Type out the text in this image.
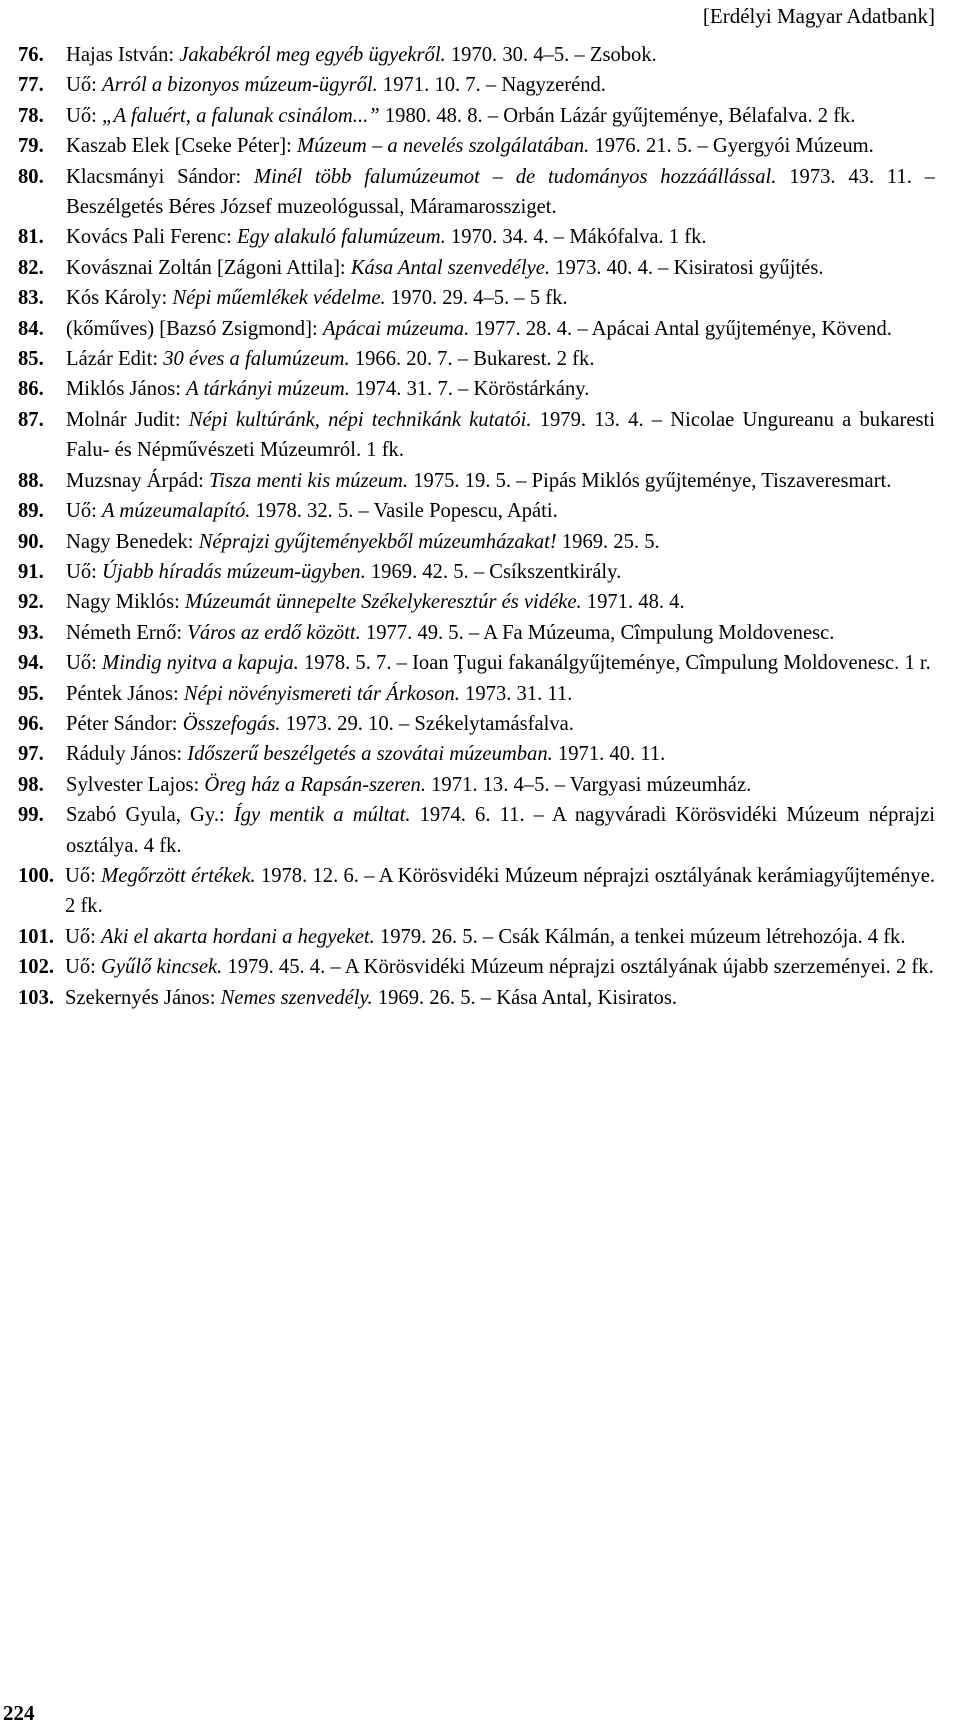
[Erdélyi Magyar Adatbank]
76.	Hajas István: Jakabékról meg egyéb ügyekről. 1970. 30. 4–5. – Zsobok.
77.	Uő: Arról a bizonyos múzeum-ügyről. 1971. 10. 7. – Nagyzerénd.
78.	Uő: „A faluért, a falunak csinálom...” 1980. 48. 8. – Orbán Lázár gyűjteménye, Bélafalva. 2 fk.
79.	Kaszab Elek [Cseke Péter]: Múzeum – a nevelés szolgálatában. 1976. 21. 5. – Gyergyói Múzeum.
80.	Klacsmányi Sándor: Minél több falumúzeumot – de tudományos hozzáállással. 1973. 43. 11. – Beszélgetés Béres József muzeológussal, Máramarossziget.
81.	Kovács Pali Ferenc: Egy alakuló falumúzeum. 1970. 34. 4. – Mákófalva. 1 fk.
82.	Kovásznai Zoltán [Zágoni Attila]: Kása Antal szenvedélye. 1973. 40. 4. – Kisiratosi gyűjtés.
83.	Kós Károly: Népi műemlékek védelme. 1970. 29. 4–5. – 5 fk.
84.	(kőműves) [Bazsó Zsigmond]: Apácai múzeuma. 1977. 28. 4. – Apácai Antal gyűjteménye, Kövend.
85.	Lázár Edit: 30 éves a falumúzeum. 1966. 20. 7. – Bukarest. 2 fk.
86.	Miklós János: A tárkányi múzeum. 1974. 31. 7. – Köröstárkány.
87.	Molnár Judit: Népi kultúránk, népi technikánk kutatói. 1979. 13. 4. – Nicolae Ungureanu a bukaresti Falu- és Népművészeti Múzeumról. 1 fk.
88.	Muzsnay Árpád: Tisza menti kis múzeum. 1975. 19. 5. – Pipás Miklós gyűjteménye, Tiszaveresmart.
89.	Uő: A múzeumalapító. 1978. 32. 5. – Vasile Popescu, Apáti.
90.	Nagy Benedek: Néprajzi gyűjteményekből múzeumházakat! 1969. 25. 5.
91.	Uő: Újabb híradás múzeum-ügyben. 1969. 42. 5. – Csíkszentkirály.
92.	Nagy Miklós: Múzeumát ünnepelte Székelykeresztúr és vidéke. 1971. 48. 4.
93.	Németh Ernő: Város az erdő között. 1977. 49. 5. – A Fa Múzeuma, Cîmpulung Moldovenesc.
94.	Uő: Mindig nyitva a kapuja. 1978. 5. 7. – Ioan Ţugui fakanálgyűjteménye, Cîmpulung Moldovenesc. 1 r.
95.	Péntek János: Népi növényismereti tár Árkoson. 1973. 31. 11.
96.	Péter Sándor: Összefogás. 1973. 29. 10. – Székelytamásfalva.
97.	Ráduly János: Időszerű beszélgetés a szovátai múzeumban. 1971. 40. 11.
98.	Sylvester Lajos: Öreg ház a Rapsán-szeren. 1971. 13. 4–5. – Vargyasi múzeumház.
99.	Szabó Gyula, Gy.: Így mentik a múltat. 1974. 6. 11. – A nagyváradi Körösvidéki Múzeum néprajzi osztálya. 4 fk.
100. Uő: Megőrzött értékek. 1978. 12. 6. – A Körösvidéki Múzeum néprajzi osztályának kerámiagyűjteménye. 2 fk.
101. Uő: Aki el akarta hordani a hegyeket. 1979. 26. 5. – Csák Kálmán, a tenkei múzeum létrehozója. 4 fk.
102. Uő: Gyűlő kincsek. 1979. 45. 4. – A Körösvidéki Múzeum néprajzi osztályának újabb szerzeményei. 2 fk.
103. Szekernyés János: Nemes szenvedély. 1969. 26. 5. – Kása Antal, Kisiratos.
224
